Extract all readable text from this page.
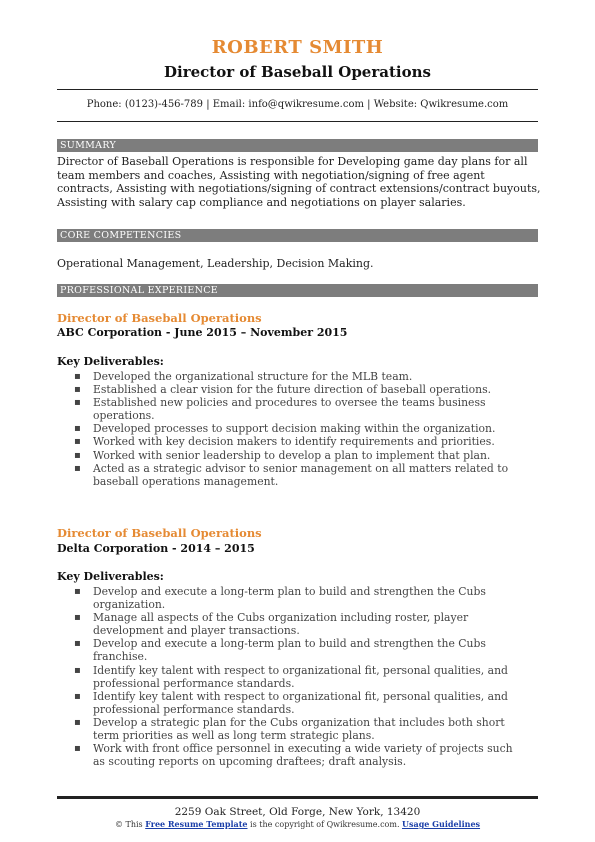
ROBERT SMITH
Director of Baseball Operations
Phone: (0123)-456-789 | Email: info@qwikresume.com | Website: Qwikresume.com
SUMMARY
Director of Baseball Operations is responsible for Developing game day plans for all team members and coaches, Assisting with negotiation/signing of free agent contracts, Assisting with negotiations/signing of contract extensions/contract buyouts, Assisting with salary cap compliance and negotiations on player salaries.
CORE COMPETENCIES
Operational Management, Leadership, Decision Making.
PROFESSIONAL EXPERIENCE
Director of Baseball Operations
ABC Corporation - June 2015 – November 2015
Key Deliverables:
▪ Developed the organizational structure for the MLB team.
▪ Established a clear vision for the future direction of baseball operations.
▪ Established new policies and procedures to oversee the teams business operations.
▪ Developed processes to support decision making within the organization.
▪ Worked with key decision makers to identify requirements and priorities.
▪ Worked with senior leadership to develop a plan to implement that plan.
▪ Acted as a strategic advisor to senior management on all matters related to baseball operations management.
Director of Baseball Operations
Delta Corporation - 2014 – 2015
Key Deliverables:
▪ Develop and execute a long-term plan to build and strengthen the Cubs organization.
▪ Manage all aspects of the Cubs organization including roster, player development and player transactions.
▪ Develop and execute a long-term plan to build and strengthen the Cubs franchise.
▪ Identify key talent with respect to organizational fit, personal qualities, and professional performance standards.
▪ Identify key talent with respect to organizational fit, personal qualities, and professional performance standards.
▪ Develop a strategic plan for the Cubs organization that includes both short term priorities as well as long term strategic plans.
▪ Work with front office personnel in executing a wide variety of projects such as scouting reports on upcoming draftees; draft analysis.
2259 Oak Street, Old Forge, New York, 13420
© This Free Resume Template is the copyright of Qwikresume.com. Usage Guidelines
